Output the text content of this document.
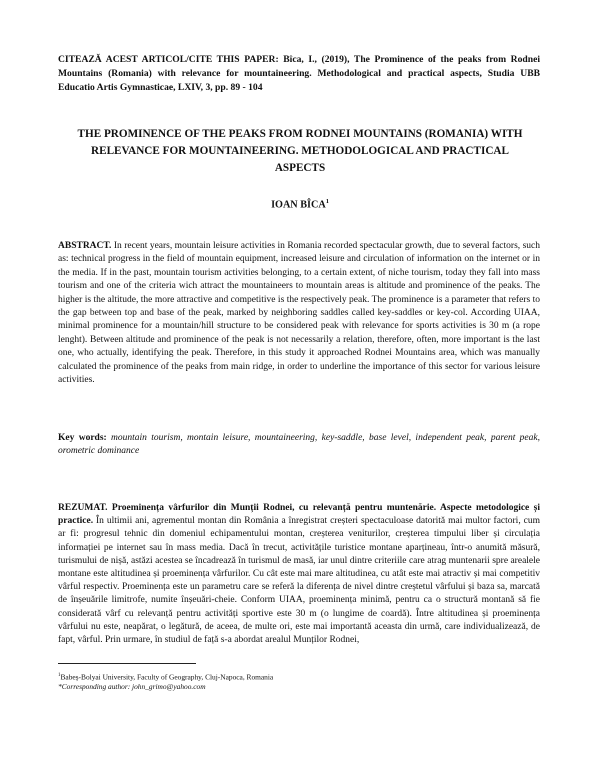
CITEAZĂ ACEST ARTICOL/CITE THIS PAPER: Bîca, I., (2019), The Prominence of the peaks from Rodnei Mountains (Romania) with relevance for mountaineering. Methodological and practical aspects, Studia UBB Educatio Artis Gymnasticae, LXIV, 3, pp. 89 - 104

THE PROMINENCE OF THE PEAKS FROM RODNEI MOUNTAINS (ROMANIA) WITH RELEVANCE FOR MOUNTAINEERING. METHODOLOGICAL AND PRACTICAL ASPECTS

IOAN BÎCA$^1$

ABSTRACT. In recent years, mountain leisure activities in Romania recorded spectacular growth, due to several factors, such as: technical progress in the field of mountain equipment, increased leisure and circulation of information on the internet or in the media. If in the past, mountain tourism activities belonging, to a certain extent, of niche tourism, today they fall into mass tourism and one of the criteria wich attract the mountaineers to mountain areas is altitude and prominence of the peaks. The higher is the altitude, the more attractive and competitive is the respectively peak. The prominence is a parameter that refers to the gap between top and base of the peak, marked by neighboring saddles called key-saddles or key-col. According UIAA, minimal prominence for a mountain/hill structure to be considered peak with relevance for sports activities is 30 m (a rope lenght). Between altitude and prominence of the peak is not necessarily a relation, therefore, often, more important is the last one, who actually, identifying the peak. Therefore, in this study it approached Rodnei Mountains area, which was manually calculated the prominence of the peaks from main ridge, in order to underline the importance of this sector for various leisure activities.

Key words: mountain tourism, montain leisure, mountaineering, key-saddle, base level, independent peak, parent peak, orometric dominance

REZUMAT. Proeminența vârfurilor din Munții Rodnei, cu relevanță pentru muntenărie. Aspecte metodologice și practice. În ultimii ani, agrementul montan din România a înregistrat creșteri spectaculoase datorită mai multor factori, cum ar fi: progresul tehnic din domeniul echipamentului montan, creșterea veniturilor, creșterea timpului liber și circulația informației pe internet sau în mass media. Dacă în trecut, activitățile turistice montane aparțineau, într-o anumită măsură, turismului de nișă, astăzi acestea se încadrează în turismul de masă, iar unul dintre criteriile care atrag muntenarii spre arealele montane este altitudinea și proeminența vârfurilor. Cu cât este mai mare altitudinea, cu atât este mai atractiv și mai competitiv vârful respectiv. Proeminența este un parametru care se referă la diferența de nivel dintre creștetul vârfului și baza sa, marcată de înșeuările limitrofe, numite înșeuări-cheie. Conform UIAA, proeminența minimă, pentru ca o structură montană să fie considerată vârf cu relevanță pentru activități sportive este 30 m (o lungime de coardă). Între altitudinea și proeminența vârfului nu este, neapărat, o legătură, de aceea, de multe ori, este mai importantă aceasta din urmă, care individualizează, de fapt, vârful. Prin urmare, în studiul de față s-a abordat arealul Munților Rodnei,

$^1$Babeș-Bolyai University, Faculty of Geography, Cluj-Napoca, Romania

*Corresponding author: john_grimo@yahoo.com
